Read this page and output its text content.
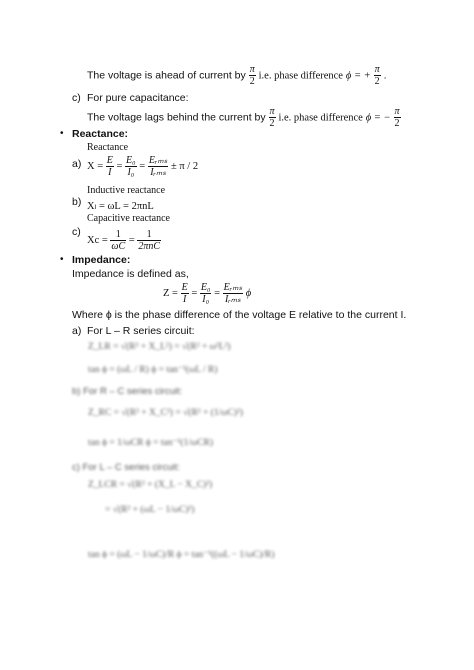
The voltage is ahead of current by $\frac{\pi}{2} i.e$. phase difference ϕ = + $\frac{\pi}{2}$ .
c) For pure capacitance:
The voltage lags behind the current by $\frac{\pi}{2} i.e$. phase difference ϕ = − $\frac{\pi}{2}$
• Reactance:
Reactance
a) $X = \frac{E}{I} = \frac{\text{E₀}}{\text{I₀}} = \frac{\text{Eᵣₘₛ}}{\text{Iᵣₘₛ}} \pm \pi / 2$
Inductive reactance
b) Xₗ = ωL = 2πnL
Capacitive reactance
c)
$Xc = \frac{1}{\omega C} = \frac{1}{\text{2πnC}}$
• Impedance:
Impedance is defined as,
$Z = \frac{E}{I} = \frac{\text{E₀}}{\text{I₀}} = \frac{\text{Eᵣₘₛ}}{\text{Iᵣₘₛ}}$ ϕ
Where ϕ is the phase difference of the voltage E relative to the current I.
a) For L – R series circuit:
Z_LR = √(R² + X_L²) = √(R² + ω²L²)
tan ϕ = (ωL / R) ϕ = tan⁻¹(ωL / R)
b) For R – C series circuit:
Z_RC = √(R² + X_C²) = √(R² + (1/ωC)²)
tan ϕ = 1/ωCR ϕ = tan⁻¹(1/ωCR)
c) For L – C series circuit:
Z_LCR = √(R² + (X_L − X_C)²)
= √(R² + (ωL − 1/ωC)²)
tan ϕ = (ωL − 1/ωC)/R ϕ = tan⁻¹((ωL − 1/ωC)/R)
